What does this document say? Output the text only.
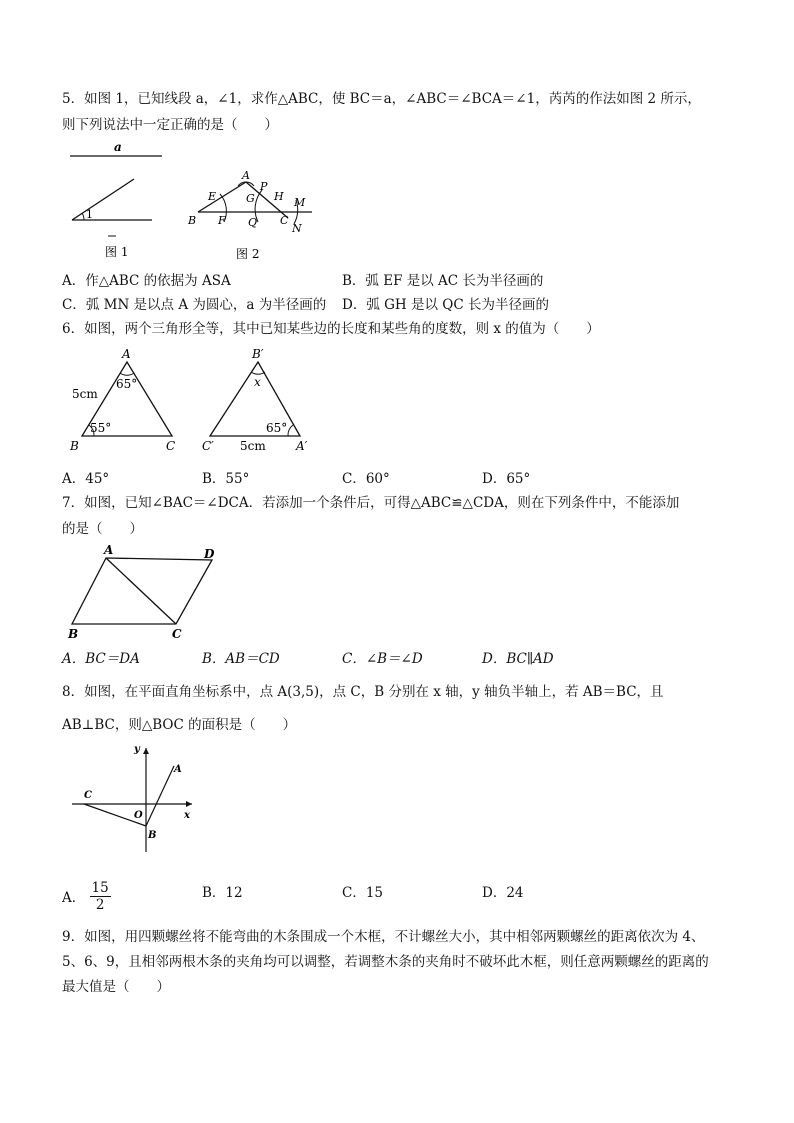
5．如图 1，已知线段 a，∠1，求作△ABC，使 BC＝a，∠ABC＝∠BCA＝∠1，芮芮的作法如图 2 所示，
则下列说法中一定正确的是（　　）
a
1
图 1
A
P
E	G H M
B F Q C
N
图 2
A．作△ABC 的依据为 ASA	B．弧 EF 是以 AC 长为半径画的
C．弧 MN 是以点 A 为圆心，a 为半径画的 D．弧 GH 是以 QC 长为半径画的
6．如图，两个三角形全等，其中已知某些边的长度和某些角的度数，则 x 的值为（　　）
A
B	C
5cm
65°
55°
B′
C′	A′
x
65°
5cm
A．45°	B．55°	C．60°	D．65°
7．如图，已知∠BAC＝∠DCA．若添加一个条件后，可得△ABC≌△CDA，则在下列条件中，不能添加
的是（　　）
A	D
B	C
A．BC＝DA	B．AB＝CD	C．∠B＝∠D	D．BC∥AD
8．如图，在平面直角坐标系中，点 A(3,5)，点 C，B 分别在 x 轴，y 轴负半轴上，若 AB＝BC，且
AB⊥BC，则△BOC 的面积是（　　）
y
x
A
C
O
B
A． $\frac{15}{2}$	B．12	C．15	D．24
9．如图，用四颗螺丝将不能弯曲的木条围成一个木框，不计螺丝大小，其中相邻两颗螺丝的距离依次为 4、
5、6、9，且相邻两根木条的夹角均可以调整，若调整木条的夹角时不破坏此木框，则任意两颗螺丝的距离的
最大值是（　　）
